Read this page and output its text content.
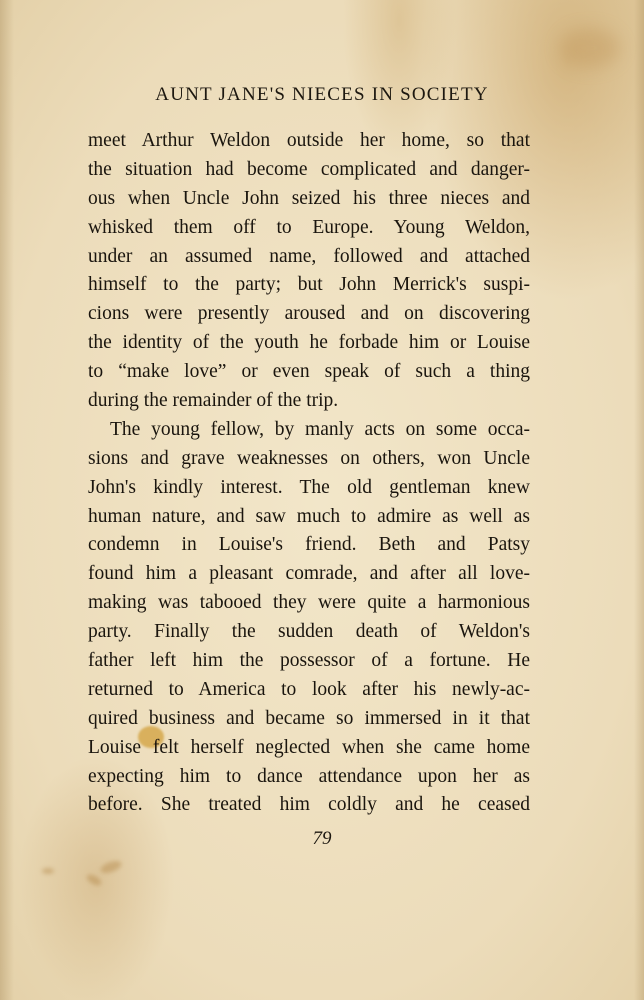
AUNT JANE'S NIECES IN SOCIETY
meet Arthur Weldon outside her home, so that
the situation had become complicated and danger-
ous when Uncle John seized his three nieces and
whisked them off to Europe. Young Weldon,
under an assumed name, followed and attached
himself to the party; but John Merrick's suspi-
cions were presently aroused and on discovering
the identity of the youth he forbade him or Louise
to “make love” or even speak of such a thing
during the remainder of the trip.
The young fellow, by manly acts on some occa-
sions and grave weaknesses on others, won Uncle
John's kindly interest. The old gentleman knew
human nature, and saw much to admire as well as
condemn in Louise's friend. Beth and Patsy
found him a pleasant comrade, and after all love-
making was tabooed they were quite a harmonious
party. Finally the sudden death of Weldon's
father left him the possessor of a fortune. He
returned to America to look after his newly-ac-
quired business and became so immersed in it that
Louise felt herself neglected when she came home
expecting him to dance attendance upon her as
before. She treated him coldly and he ceased
79
